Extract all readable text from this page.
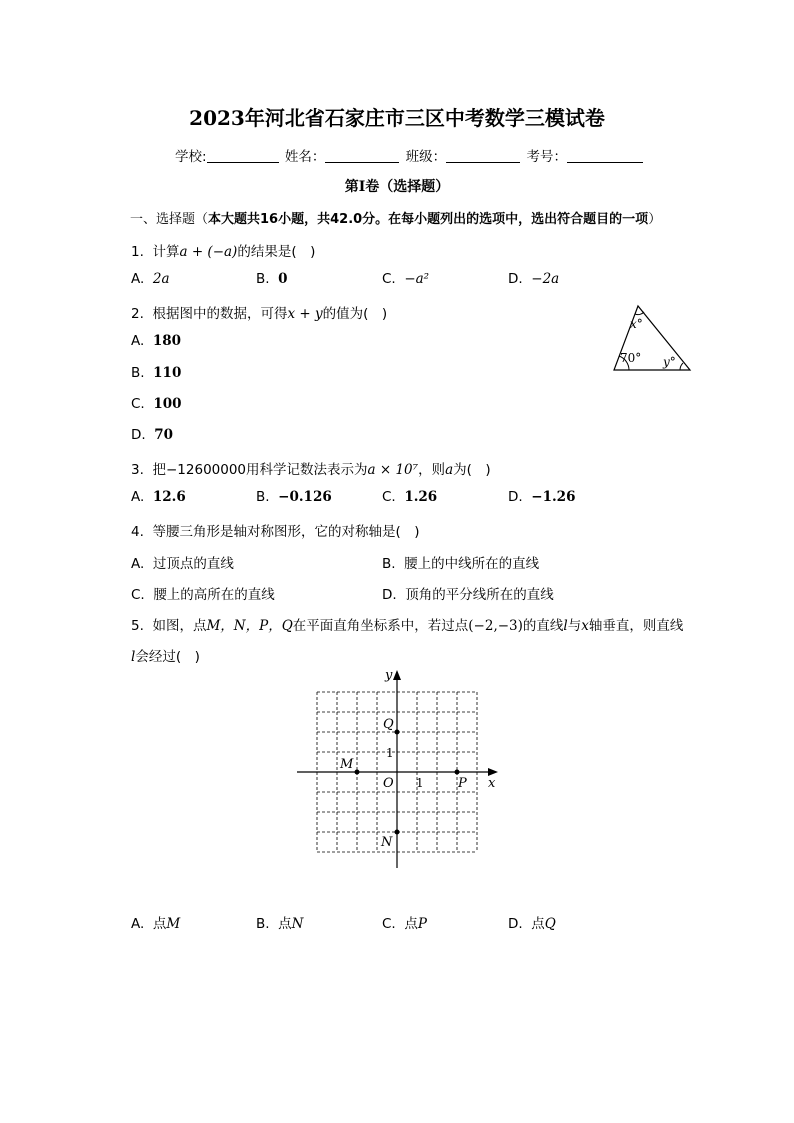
2023年河北省石家庄市三区中考数学三模试卷
学校:	姓名：	班级：	考号：
第I卷（选择题）
一、选择题（本大题共16小题，共42.0分。在每小题列出的选项中，选出符合题目的一项）
1. 计算a + (−a)的结果是(　)
A. 2a	B. 0	C. −a²	D. −2a
2. 根据图中的数据，可得x + y的值为(　)
A. 180
B. 110
C. 100
D. 70
x°
70° y°
3. 把−12600000用科学记数法表示为a × 10⁷，则a为(　)
A. 12.6	B. −0.126	C. 1.26	D. −1.26
4. 等腰三角形是轴对称图形，它的对称轴是(　)
A. 过顶点的直线	B. 腰上的中线所在的直线
C. 腰上的高所在的直线	D. 顶角的平分线所在的直线
5. 如图，点M，N，P，Q在平面直角坐标系中，若过点(−2,−3)的直线l与x轴垂直，则直线
l会经过(　)
y
x
O 1
1
M
Q
P
N
A. 点M	B. 点N	C. 点P	D. 点Q
